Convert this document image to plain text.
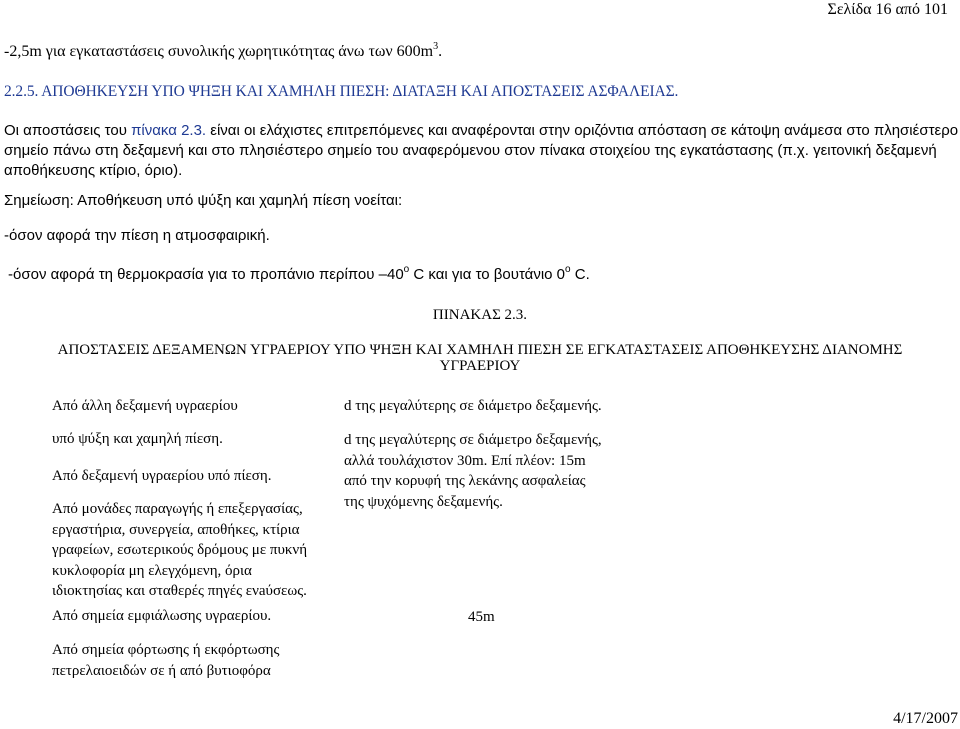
Σελίδα 16 από 101
-2,5m για εγκαταστάσεις συνολικής χωρητικότητας άνω των $600m^3$.
2.2.5. ΑΠΟΘΗΚΕΥΣΗ ΥΠΟ ΨΗΞΗ ΚΑΙ ΧΑΜΗΛΗ ΠΙΕΣΗ: ΔΙΑΤΑΞΗ ΚΑΙ ΑΠΟΣΤΑΣΕΙΣ ΑΣΦΑΛΕΙΑΣ.
Οι αποστάσεις του πίνακα 2.3. είναι οι ελάχιστες επιτρεπόμενες και αναφέρονται στην οριζόντια απόσταση σε κάτοψη ανάμεσα στο πλησιέστερο
σημείο πάνω στη δεξαμενή και στο πλησιέστερο σημείο του αναφερόμενου στον πίνακα στοιχείου της εγκατάστασης (π.χ. γειτονική δεξαμενή
αποθήκευσης κτίριο, όριο).
Σημείωση: Αποθήκευση υπό ψύξη και χαμηλή πίεση νοείται:
-όσον αφορά την πίεση η ατμοσφαιρική.
-όσον αφορά τη θερμοκρασία για το προπάνιο περίπου –40$^o$ C και για το βουτάνιο 0$^o$ C.
ΠΙΝΑΚΑΣ 2.3.
ΑΠΟΣΤΑΣΕΙΣ ΔΕΞΑΜΕΝΩΝ ΥΓΡΑΕΡΙΟΥ ΥΠΟ ΨΗΞΗ ΚΑΙ ΧΑΜΗΛΗ ΠΙΕΣΗ ΣΕ ΕΓΚΑΤΑΣΤΑΣΕΙΣ ΑΠΟΘΗΚΕΥΣΗΣ ΔΙΑΝΟΜΗΣ
ΥΓΡΑΕΡΙΟΥ
Από άλλη δεξαμενή υγραερίου
υπό ψύξη και χαμηλή πίεση.
Από δεξαμενή υγραερίου υπό πίεση.
Από μονάδες παραγωγής ή επεξεργασίας,
εργαστήρια, συνεργεία, αποθήκες, κτίρια
γραφείων, εσωτερικούς δρόμους με πυκνή
κυκλοφορία μη ελεγχόμενη, όρια
ιδιοκτησίας και σταθερές πηγές ενaύσεως.
Από σημεία εμφιάλωσης υγραερίου.
Από σημεία φόρτωσης ή εκφόρτωσης
πετρελαιοειδών σε ή από βυτιοφόρα
d της μεγαλύτερης σε διάμετρο δεξαμενής.
d της μεγαλύτερης σε διάμετρο δεξαμενής,
αλλά τουλάχιστον 30m. Επί πλέον: 15m
από την κορυφή της λεκάνης ασφαλείας
της ψυχόμενης δεξαμενής.
45m
4/17/2007
